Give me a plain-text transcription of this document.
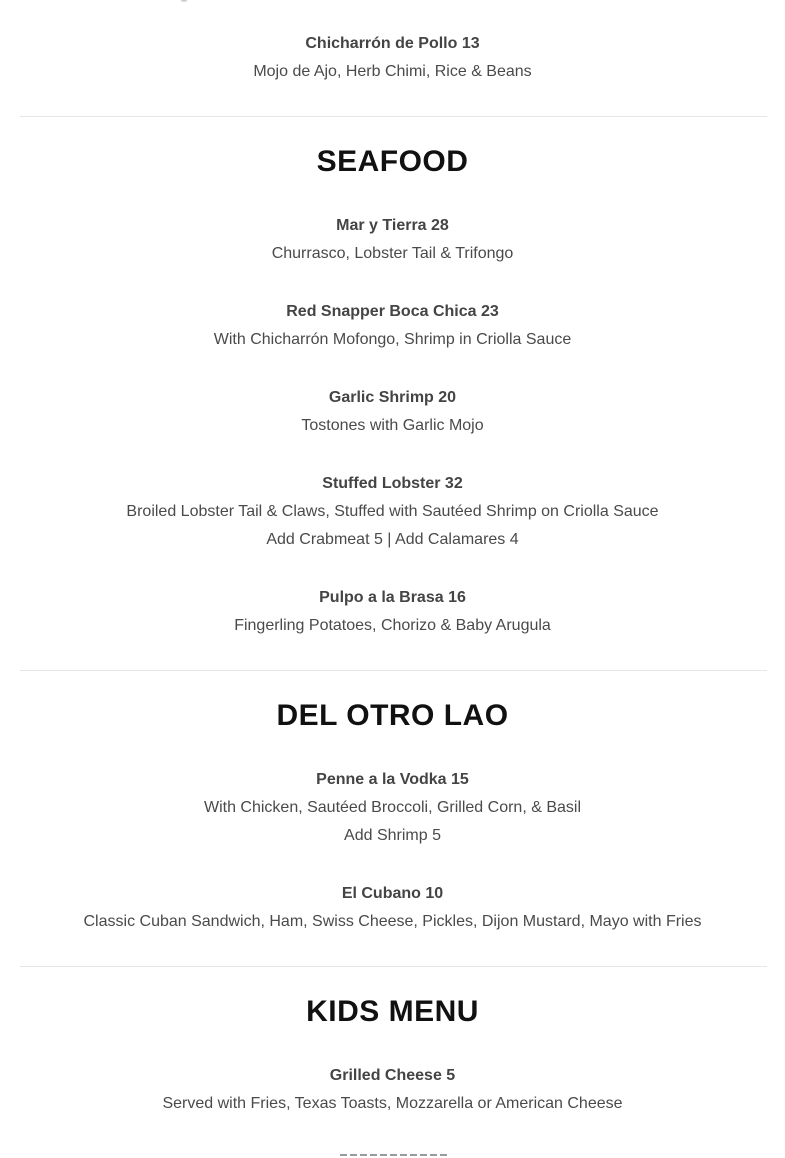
Chicharrón de Pollo 13
Mojo de Ajo, Herb Chimi, Rice & Beans
SEAFOOD
Mar y Tierra 28
Churrasco, Lobster Tail & Trifongo
Red Snapper Boca Chica 23
With Chicharrón Mofongo, Shrimp in Criolla Sauce
Garlic Shrimp 20
Tostones with Garlic Mojo
Stuffed Lobster 32
Broiled Lobster Tail & Claws, Stuffed with Sautéed Shrimp on Criolla Sauce
Add Crabmeat 5 | Add Calamares 4
Pulpo a la Brasa 16
Fingerling Potatoes, Chorizo & Baby Arugula
DEL OTRO LAO
Penne a la Vodka 15
With Chicken, Sautéed Broccoli, Grilled Corn, & Basil
Add Shrimp 5
El Cubano 10
Classic Cuban Sandwich, Ham, Swiss Cheese, Pickles, Dijon Mustard, Mayo with Fries
KIDS MENU
Grilled Cheese 5
Served with Fries, Texas Toasts, Mozzarella or American Cheese
